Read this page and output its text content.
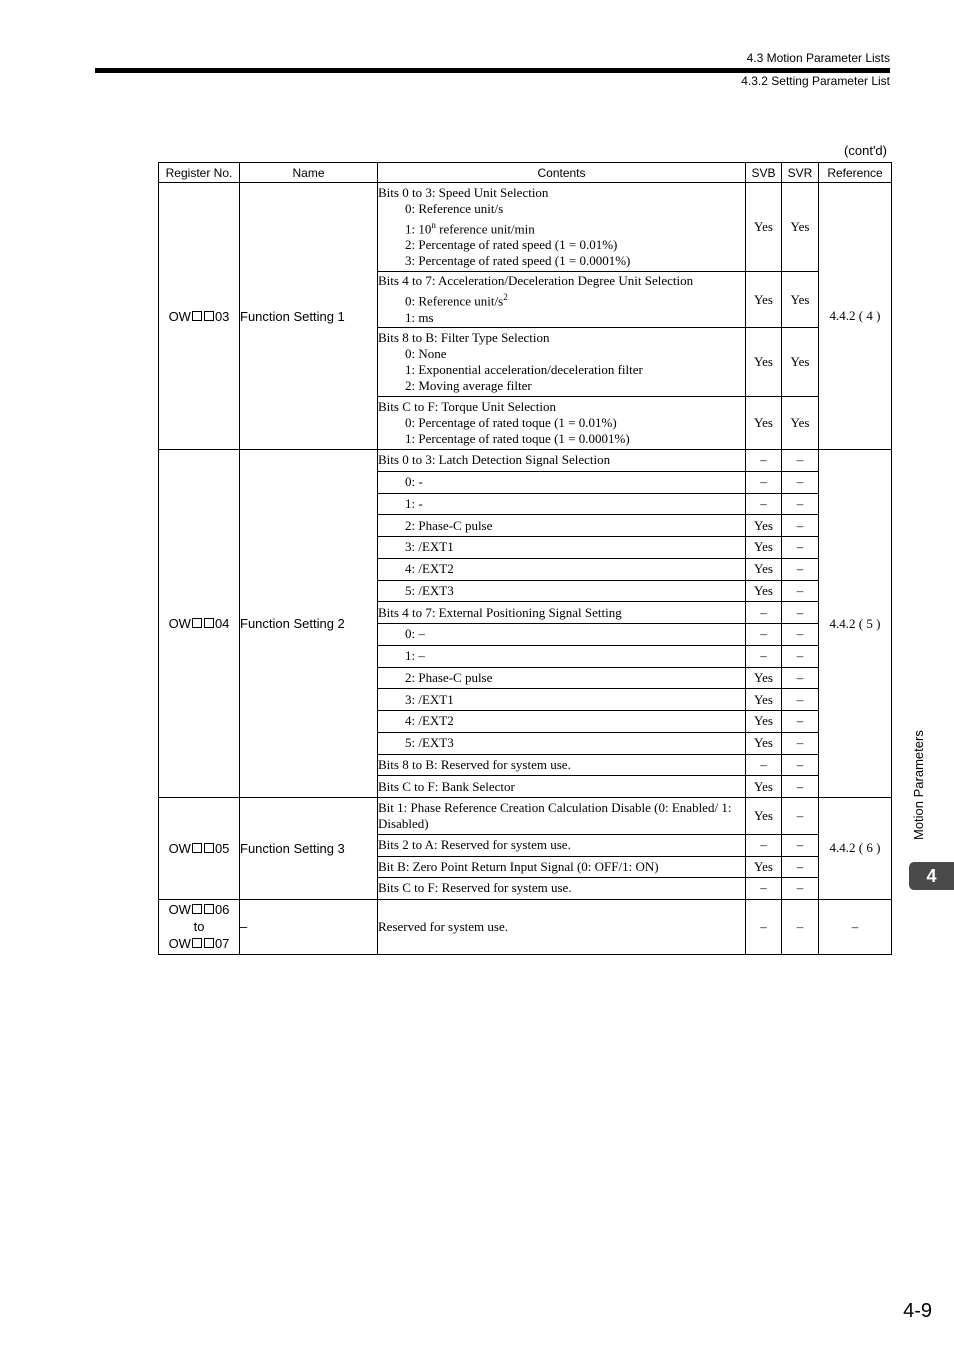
4.3 Motion Parameter Lists
4.3.2 Setting Parameter List
(cont'd)
Register No.	Name	Contents	SVB	SVR	Reference
OW 03	Function Setting 1	Bits 0 to 3: Speed Unit Selection
0: Reference unit/s
1: 10$^n$ reference unit/min
2: Percentage of rated speed (1 = 0.01%)
3: Percentage of rated speed (1 = 0.0001%)	Yes	Yes	4.4.2 ( 4 )

		Bits 4 to 7: Acceleration/Deceleration Degree Unit Selection
0: Reference unit/$s^2$
1: ms	Yes	Yes	

		Bits 8 to B: Filter Type Selection
0: None
1: Exponential acceleration/deceleration filter
2: Moving average filter	Yes	Yes	

		Bits C to F: Torque Unit Selection
0: Percentage of rated toque (1 = 0.01%)
1: Percentage of rated toque (1 = 0.0001%)	Yes	Yes	
OW 04	Function Setting 2	Bits 0 to 3: Latch Detection Signal Selection	–	–	4.4.2 ( 5 )

		0: -	–	–	

		1: -	–	–	

		2: Phase-C pulse	Yes	–	

		3: /EXT1	Yes	–	

		4: /EXT2	Yes	–	

		5: /EXT3	Yes	–	
		Bits 4 to 7: External Positioning Signal Setting	–	–	

		0: –	–	–	

		1: –	–	–	

		2: Phase-C pulse	Yes	–	

		3: /EXT1	Yes	–	

		4: /EXT2	Yes	–	

		5: /EXT3	Yes	–	
		Bits 8 to B: Reserved for system use.	–	–	
		Bits C to F: Bank Selector	Yes	–	
OW 05	Function Setting 3	Bit 1: Phase Reference Creation Calculation Disable (0: Enabled/ 1: Disabled)	Yes	–	4.4.2 ( 6 )
		Bits 2 to A: Reserved for system use.	–	–	
		Bit B: Zero Point Return Input Signal (0: OFF/1: ON)	Yes	–	
		Bits C to F: Reserved for system use.	–	–	

OW 06
to
OW 07	–	Reserved for system use.	–	–	–
Motion Parameters
4
4-9
